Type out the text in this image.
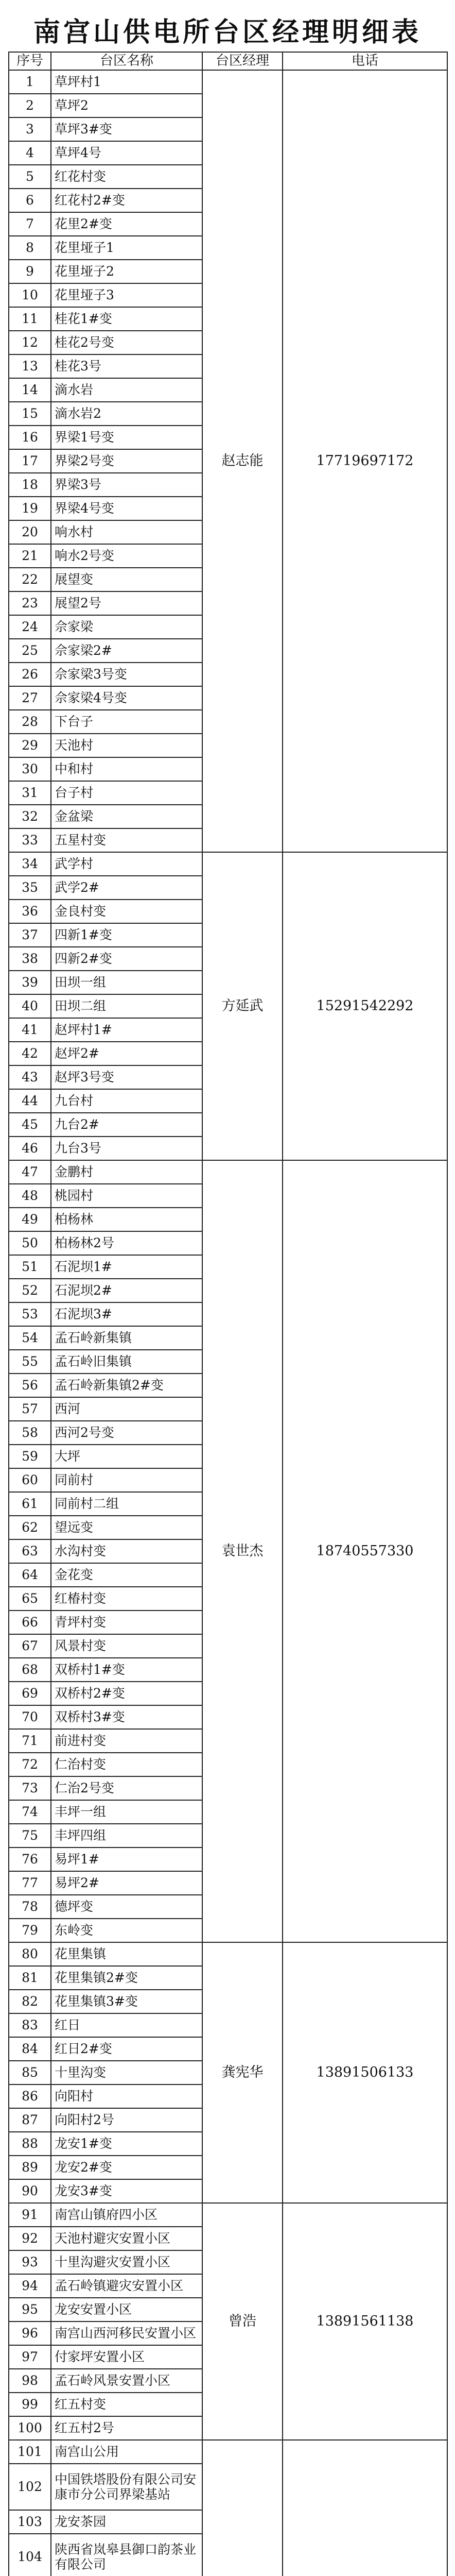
南宫山供电所台区经理明细表
序号	台区名称	台区经理	电话
1	草坪村1	赵志能	17719697172
2	草坪2		
3	草坪3#变		
4	草坪4号		
5	红花村变		
6	红花村2#变		
7	花里2#变		
8	花里垭子1		
9	花里垭子2		
10	花里垭子3		
11	桂花1#变		
12	桂花2号变		
13	桂花3号		
14	滴水岩		
15	滴水岩2		
16	界梁1号变		
17	界梁2号变		
18	界梁3号		
19	界梁4号变		
20	响水村		
21	响水2号变		
22	展望变		
23	展望2号		
24	佘家梁		
25	佘家梁2#		
26	佘家梁3号变		
27	佘家梁4号变		
28	下台子		
29	天池村		
30	中和村		
31	台子村		
32	金盆梁		
33	五星村变		
34	武学村	方延武	15291542292
35	武学2#		
36	金良村变		
37	四新1#变		
38	四新2#变		
39	田坝一组		
40	田坝二组		
41	赵坪村1#		
42	赵坪2#		
43	赵坪3号变		
44	九台村		
45	九台2#		
46	九台3号		
47	金鹏村	袁世杰	18740557330
48	桃园村		
49	柏杨林		
50	柏杨林2号		
51	石泥坝1#		
52	石泥坝2#		
53	石泥坝3#		
54	孟石岭新集镇		
55	孟石岭旧集镇		
56	孟石岭新集镇2#变		
57	西河		
58	西河2号变		
59	大坪		
60	同前村		
61	同前村二组		
62	望远变		
63	水沟村变		
64	金花变		
65	红椿村变		
66	青坪村变		
67	风景村变		
68	双桥村1#变		
69	双桥村2#变		
70	双桥村3#变		
71	前进村变		
72	仁治村变		
73	仁治2号变		
74	丰坪一组		
75	丰坪四组		
76	易坪1#		
77	易坪2#		
78	德坪变		
79	东岭变		
80	花里集镇	龚宪华	13891506133
81	花里集镇2#变		
82	花里集镇3#变		
83	红日		
84	红日2#变		
85	十里沟变		
86	向阳村		
87	向阳村2号		
88	龙安1#变		
89	龙安2#变		
90	龙安3#变		
91	南宫山镇府四小区	曾浩	13891561138
92	天池村避灾安置小区		
93	十里沟避灾安置小区		
94	孟石岭镇避灾安置小区		
95	龙安安置小区		
96	南宫山西河移民安置小区		
97	付家坪安置小区		
98	孟石岭风景安置小区		
99	红五村变		
100	红五村2号		
101	南宫山公用		
102	中国铁塔股份有限公司安康市分公司界梁基站		
103	龙安茶园		
104	陕西省岚皋县御口韵茶业有限公司		
